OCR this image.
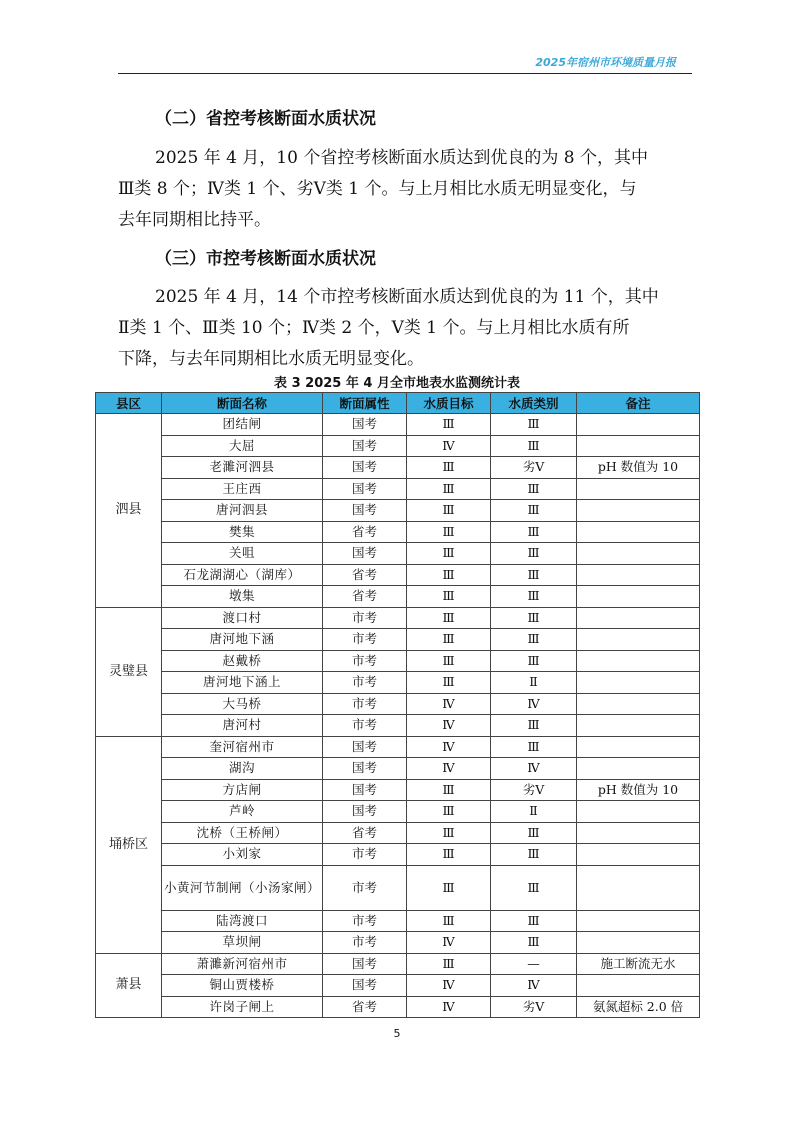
2025年宿州市环境质量月报
（二）省控考核断面水质状况
2025 年 4 月，10 个省控考核断面水质达到优良的为 8 个，其中
Ⅲ类 8 个；Ⅳ类 1 个、劣Ⅴ类 1 个。与上月相比水质无明显变化，与
去年同期相比持平。
（三）市控考核断面水质状况
2025 年 4 月，14 个市控考核断面水质达到优良的为 11 个，其中
Ⅱ类 1 个、Ⅲ类 10 个；Ⅳ类 2 个，Ⅴ类 1 个。与上月相比水质有所
下降，与去年同期相比水质无明显变化。
表 3 2025 年 4 月全市地表水监测统计表
县区	断面名称	断面属性	水质目标	水质类别	备注
泗县	团结闸	国考	Ⅲ	Ⅲ	
	大屈	国考	Ⅳ	Ⅲ	
	老濉河泗县	国考	Ⅲ	劣Ⅴ	pH 数值为 10
	王庄西	国考	Ⅲ	Ⅲ	
	唐河泗县	国考	Ⅲ	Ⅲ	
	樊集	省考	Ⅲ	Ⅲ	
	关咀	国考	Ⅲ	Ⅲ	
	石龙湖湖心（湖库）	省考	Ⅲ	Ⅲ	
	墩集	省考	Ⅲ	Ⅲ	
灵璧县	渡口村	市考	Ⅲ	Ⅲ	
	唐河地下涵	市考	Ⅲ	Ⅲ	
	赵戴桥	市考	Ⅲ	Ⅲ	
	唐河地下涵上	市考	Ⅲ	Ⅱ	
	大马桥	市考	Ⅳ	Ⅳ	
	唐河村	市考	Ⅳ	Ⅲ	
埇桥区	奎河宿州市	国考	Ⅳ	Ⅲ	
	湖沟	国考	Ⅳ	Ⅳ	
	方店闸	国考	Ⅲ	劣Ⅴ	pH 数值为 10
	芦岭	国考	Ⅲ	Ⅱ	
	沈桥（王桥闸）	省考	Ⅲ	Ⅲ	
	小刘家	市考	Ⅲ	Ⅲ	
	小黄河节制闸（小汤家闸）	市考	Ⅲ	Ⅲ	
	陆湾渡口	市考	Ⅲ	Ⅲ	
	草坝闸	市考	Ⅳ	Ⅲ	
萧县	萧濉新河宿州市	国考	Ⅲ	—	施工断流无水
	铜山贾楼桥	国考	Ⅳ	Ⅳ	
	许岗子闸上	省考	Ⅳ	劣Ⅴ	氨氮超标 2.0 倍
5
